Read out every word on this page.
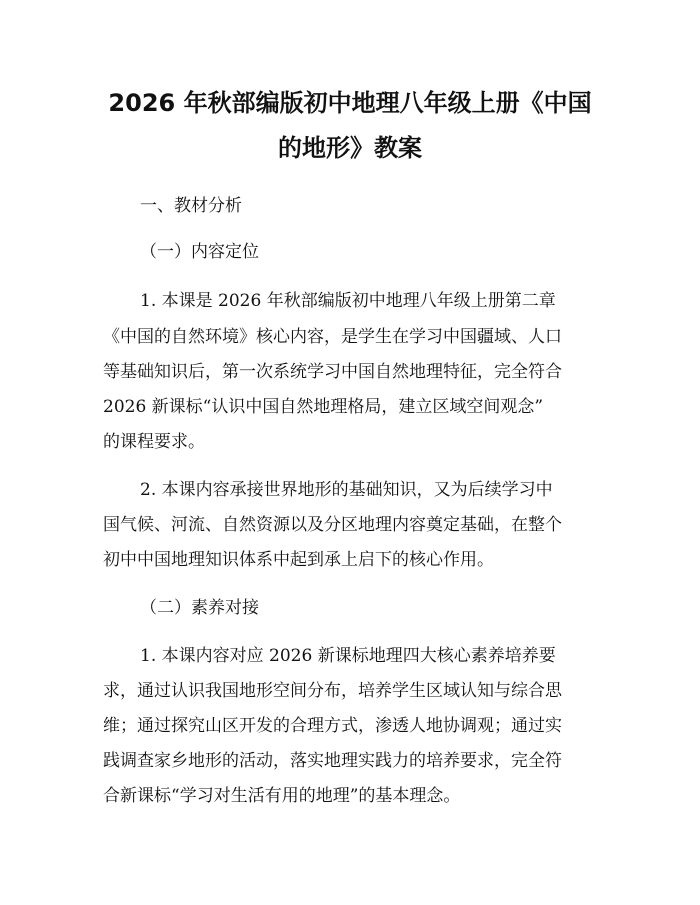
2026 年秋部编版初中地理八年级上册《中国
的地形》教案
一、教材分析
（一）内容定位
1. 本课是 2026 年秋部编版初中地理八年级上册第二章
《中国的自然环境》核心内容，是学生在学习中国疆域、人口
等基础知识后，第一次系统学习中国自然地理特征，完全符合
2026 新课标“认识中国自然地理格局，建立区域空间观念”
的课程要求。
2. 本课内容承接世界地形的基础知识，又为后续学习中
国气候、河流、自然资源以及分区地理内容奠定基础，在整个
初中中国地理知识体系中起到承上启下的核心作用。
（二）素养对接
1. 本课内容对应 2026 新课标地理四大核心素养培养要
求，通过认识我国地形空间分布，培养学生区域认知与综合思
维；通过探究山区开发的合理方式，渗透人地协调观；通过实
践调查家乡地形的活动，落实地理实践力的培养要求，完全符
合新课标“学习对生活有用的地理”的基本理念。
